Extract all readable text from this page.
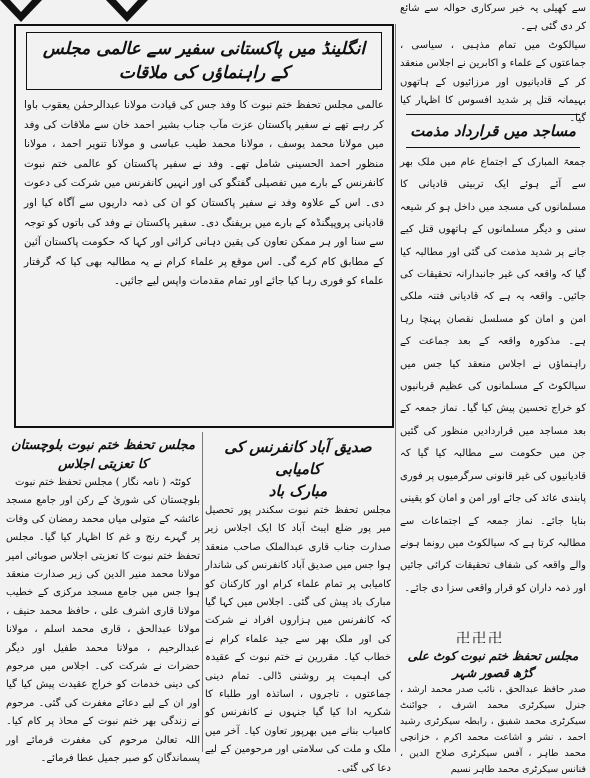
سے کھیلی یہ خبر سرکاری حوالہ سے شائع کر دی گئی ہے۔

سیالکوٹ میں تمام مذہبی ، سیاسی ، جماعتوں کے علماء و اکابرین نے اجلاس منعقد کر کے قادیانیوں اور مرزائیوں کے ہاتھوں بہیمانہ قتل پر شدید افسوس کا اظہار کیا گیا۔

انگلینڈ میں پاکستانی سفیر سے عالمی مجلس کے راہنماؤں کی ملاقات

عالمی مجلس تحفظ ختم نبوت کا وفد جس کی قیادت مولانا عبدالرحمٰن یعقوب باوا کر رہے تھے نے سفیر پاکستان عزت مآب جناب بشیر احمد خان سے ملاقات کی وفد میں مولانا محمد یوسف ، مولانا محمد طیب عباسی و مولانا تنویر احمد ، مولانا منظور احمد الحسینی شامل تھے۔ وفد نے سفیر پاکستان کو عالمی ختم نبوت کانفرنس کے بارے میں تفصیلی گفتگو کی اور انہیں کانفرنس میں شرکت کی دعوت دی۔ اس کے علاوہ وفد نے سفیر پاکستان کو ان کی ذمہ داریوں سے آگاہ کیا اور قادیانی پروپیگنڈہ کے بارے میں بریفنگ دی۔ سفیر پاکستان نے وفد کی باتوں کو توجہ سے سنا اور ہر ممکن تعاون کی یقین دہانی کرائی اور کہا کہ حکومت پاکستان آئین کے مطابق کام کرے گی۔ اس موقع پر علماء کرام نے یہ مطالبہ بھی کیا کہ گرفتار علماء کو فوری رہا کیا جائے اور تمام مقدمات واپس لیے جائیں۔

مساجد میں قرارداد مذمت

جمعۃ المبارک کے اجتماع عام میں ملک بھر سے آئے ہوئے ایک تربیتی قادیانی کا مسلمانوں کی مسجد میں داخل ہو کر شیعہ سنی و دیگر مسلمانوں کے ہاتھوں قتل کیے جانے پر شدید مذمت کی گئی اور مطالبہ کیا گیا کہ واقعہ کی غیر جانبدارانہ تحقیقات کی جائیں۔ واقعہ یہ ہے کہ قادیانی فتنہ ملکی امن و امان کو مسلسل نقصان پہنچا رہا ہے۔ مذکورہ واقعہ کے بعد جماعت کے راہنماؤں نے اجلاس منعقد کیا جس میں سیالکوٹ کے مسلمانوں کی عظیم قربانیوں کو خراج تحسین پیش کیا گیا۔ نماز جمعہ کے بعد مساجد میں قراردادیں منظور کی گئیں جن میں حکومت سے مطالبہ کیا گیا کہ قادیانیوں کی غیر قانونی سرگرمیوں پر فوری پابندی عائد کی جائے اور امن و امان کو یقینی بنایا جائے۔ نماز جمعہ کے اجتماعات سے مطالبہ کرتا ہے کہ سیالکوٹ میں رونما ہونے والے واقعہ کی شفاف تحقیقات کرائی جائیں اور ذمہ داران کو قرار واقعی سزا دی جائے۔

卍卍卍

مجلس تحفظ ختم نبوت کوٹ علی گڑھ قصور شہر

صدر حافظ عبدالحق ، نائب صدر محمد ارشد ، جنرل سیکرٹری محمد اشرف ، جوائنٹ سیکرٹری محمد شفیق ، رابطہ سیکرٹری رشید احمد ، نشر و اشاعت محمد اکرم ، خزانچی محمد طاہر ، آفس سیکرٹری صلاح الدین ، فنانس سیکرٹری محمد طاہر نسیم

صدیق آباد کانفرنس کی کامیابی

مبارک باد

مجلس تحفظ ختم نبوت سکندر پور تحصیل میر پور ضلع ایبٹ آباد کا ایک اجلاس زیر صدارت جناب قاری عبدالملک صاحب منعقد ہوا جس میں صدیق آباد کانفرنس کی شاندار کامیابی پر تمام علماء کرام اور کارکنان کو مبارک باد پیش کی گئی۔ اجلاس میں کہا گیا کہ کانفرنس میں ہزاروں افراد نے شرکت کی اور ملک بھر سے جید علماء کرام نے خطاب کیا۔ مقررین نے ختم نبوت کے عقیدہ کی اہمیت پر روشنی ڈالی۔ تمام دینی جماعتوں ، تاجروں ، اساتذہ اور طلباء کا شکریہ ادا کیا گیا جنہوں نے کانفرنس کو کامیاب بنانے میں بھرپور تعاون کیا۔ آخر میں ملک و ملت کی سلامتی اور مرحومین کے لیے دعا کی گئی۔

مجلس تحفظ ختم نبوت بلوچستان کا تعزیتی اجلاس

کوئٹہ ( نامہ نگار ) مجلس تحفظ ختم نبوت

بلوچستان کی شوریٰ کے رکن اور جامع مسجد عائشہ کے متولی میاں محمد رمضان کی وفات پر گہرے رنج و غم کا اظہار کیا گیا۔ مجلس تحفظ ختم نبوت کا تعزیتی اجلاس صوبائی امیر مولانا محمد منیر الدین کی زیر صدارت منعقد ہوا جس میں جامع مسجد مرکزی کے خطیب مولانا قاری اشرف علی ، حافظ محمد حنیف ، مولانا عبدالحق ، قاری محمد اسلم ، مولانا عبدالرحیم ، مولانا محمد طفیل اور دیگر حضرات نے شرکت کی۔ اجلاس میں مرحوم کی دینی خدمات کو خراج عقیدت پیش کیا گیا اور ان کے لیے دعائے مغفرت کی گئی۔ مرحوم نے زندگی بھر ختم نبوت کے محاذ پر کام کیا۔ اللہ تعالیٰ مرحوم کی مغفرت فرمائے اور پسماندگان کو صبر جمیل عطا فرمائے۔
